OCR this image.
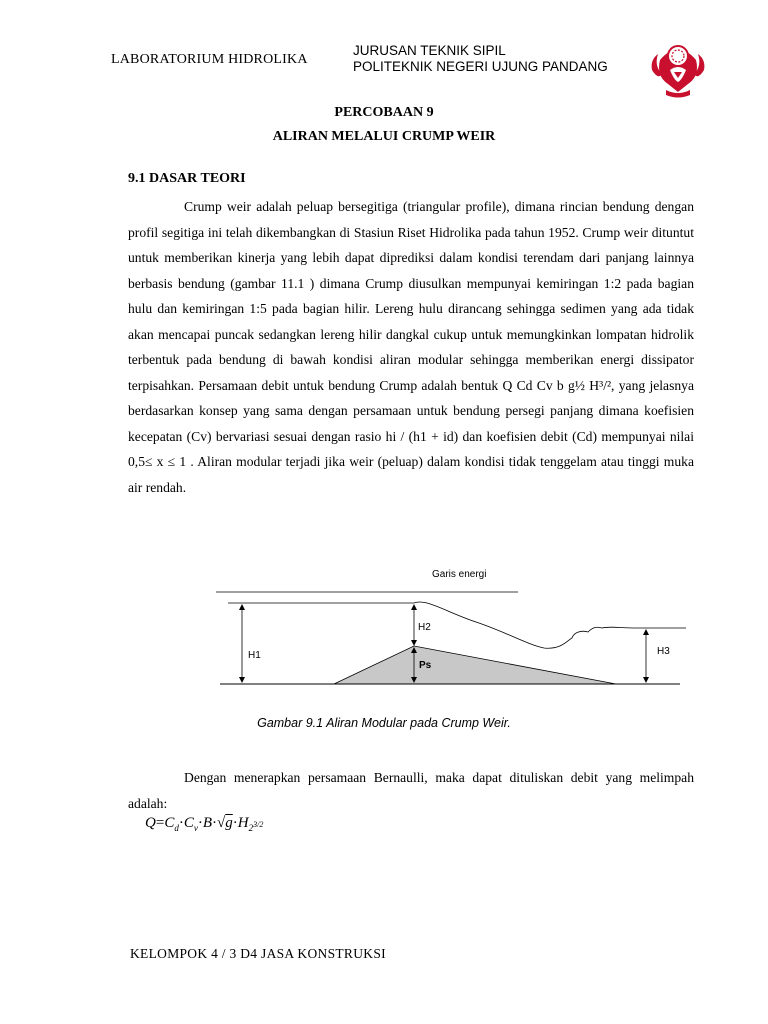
LABORATORIUM HIDROLIKA
JURUSAN TEKNIK SIPIL
POLITEKNIK NEGERI UJUNG PANDANG
PERCOBAAN 9
ALIRAN MELALUI CRUMP WEIR
9.1 DASAR TEORI
Crump weir adalah peluap bersegitiga (triangular profile), dimana rincian bendung dengan profil segitiga ini telah dikembangkan di Stasiun Riset Hidrolika pada tahun 1952. Crump weir dituntut untuk memberikan kinerja yang lebih dapat diprediksi dalam kondisi terendam dari panjang lainnya berbasis bendung (gambar 11.1 ) dimana Crump diusulkan mempunyai kemiringan 1:2 pada bagian hulu dan kemiringan 1:5 pada bagian hilir. Lereng hulu dirancang sehingga sedimen yang ada tidak akan mencapai puncak sedangkan lereng hilir dangkal cukup untuk memungkinkan lompatan hidrolik terbentuk pada bendung di bawah kondisi aliran modular sehingga memberikan energi dissipator terpisahkan. Persamaan debit untuk bendung Crump adalah bentuk Q Cd Cv b g½ H³/², yang jelasnya berdasarkan konsep yang sama dengan persamaan untuk bendung persegi panjang dimana koefisien kecepatan (Cv) bervariasi sesuai dengan rasio hi / (h1 + id) dan koefisien debit (Cd) mempunyai nilai 0,5≤ x ≤ 1 . Aliran modular terjadi jika weir (peluap) dalam kondisi tidak tenggelam atau tinggi muka air rendah.
Garis energi
H1
H2
Ps
H3
Gambar 9.1 Aliran Modular pada Crump Weir.
Dengan menerapkan persamaan Bernaulli, maka dapat dituliskan debit yang melimpah adalah:
$Q=C_d\cdot C_v\cdot B\cdot√g\cdot H_{23/2}$
KELOMPOK 4 / 3 D4 JASA KONSTRUKSI
